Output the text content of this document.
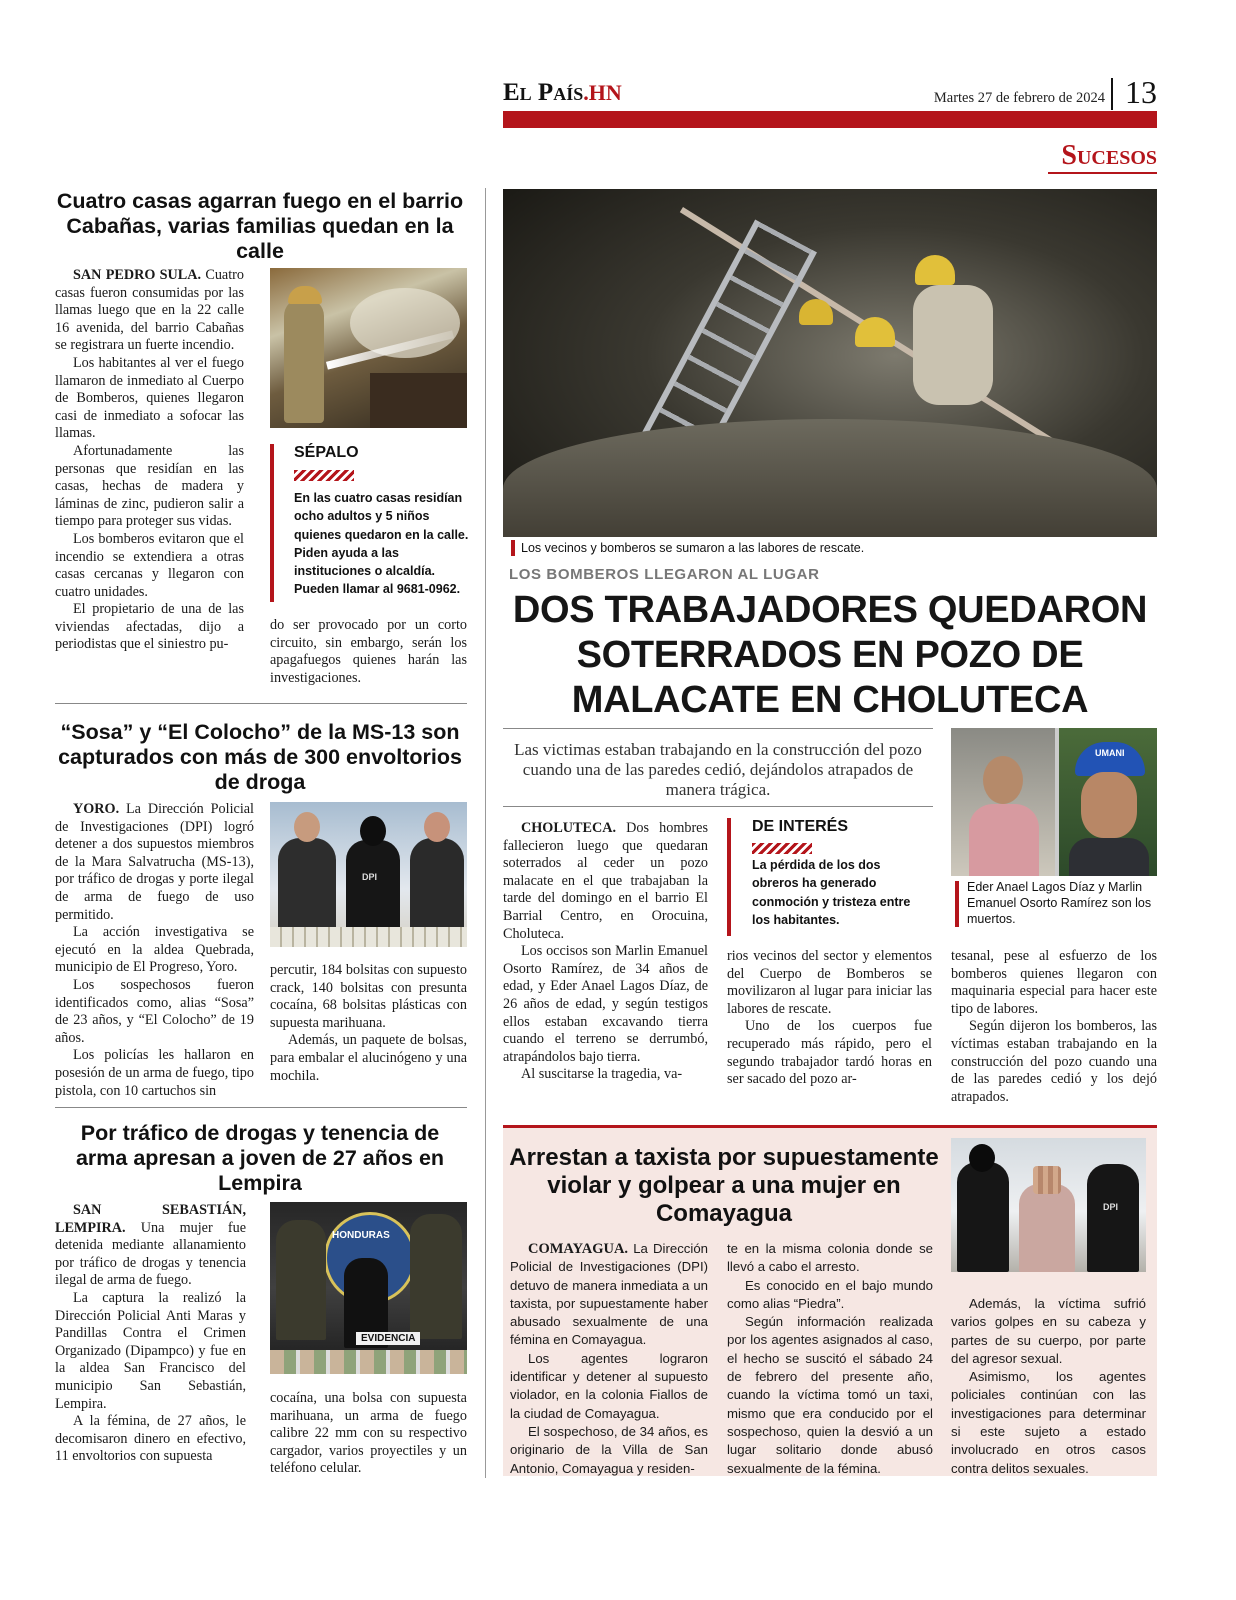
El País.HN	Martes 27 de febrero de 2024 13
Sucesos
Cuatro casas agarran fuego en el barrio Cabañas, varias familias quedan en la calle
SAN PEDRO SULA. Cuatro casas fueron consumidas por las llamas luego que en la 22 calle 16 avenida, del barrio Cabañas se registrara un fuerte incendio.
Los habitantes al ver el fuego llamaron de inmediato al Cuerpo de Bomberos, quienes llegaron casi de inmediato a sofocar las llamas.
Afortunadamente las personas que residían en las casas, hechas de madera y láminas de zinc, pudieron salir a tiempo para proteger sus vidas.
Los bomberos evitaron que el incendio se extendiera a otras casas cercanas y llegaron con cuatro unidades.
El propietario de una de las viviendas afectadas, dijo a periodistas que el siniestro pu-
SÉPALO
En las cuatro casas residían ocho adultos y 5 niños quienes quedaron en la calle. Piden ayuda a las instituciones o alcaldía. Pueden llamar al 9681-0962.
do ser provocado por un corto circuito, sin embargo, serán los apagafuegos quienes harán las investigaciones.
“Sosa” y “El Colocho” de la MS-13 son capturados con más de 300 envoltorios de droga
YORO. La Dirección Policial de Investigaciones (DPI) logró detener a dos supuestos miembros de la Mara Salvatrucha (MS-13), por tráfico de drogas y porte ilegal de arma de fuego de uso permitido.
La acción investigativa se ejecutó en la aldea Quebrada, municipio de El Progreso, Yoro.
Los sospechosos fueron identificados como, alias “Sosa” de 23 años, y “El Colocho” de 19 años.
Los policías les hallaron en posesión de un arma de fuego, tipo pistola, con 10 cartuchos sin
DPI
percutir, 184 bolsitas con supuesto crack, 140 bolsitas con presunta cocaína, 68 bolsitas plásticas con supuesta marihuana.
Además, un paquete de bolsas, para embalar el alucinógeno y una mochila.
Por tráfico de drogas y tenencia de arma apresan a joven de 27 años en Lempira
SAN SEBASTIÁN, LEMPIRA. Una mujer fue detenida mediante allanamiento por tráfico de drogas y tenencia ilegal de arma de fuego.
La captura la realizó la Dirección Policial Anti Maras y Pandillas Contra el Crimen Organizado (Dipampco) y fue en la aldea San Francisco del municipio San Sebastián, Lempira.
A la fémina, de 27 años, le decomisaron dinero en efectivo, 11 envoltorios con supuesta
HONDURAS
EVIDENCIA
cocaína, una bolsa con supuesta marihuana, un arma de fuego calibre 22 mm con su respectivo cargador, varios proyectiles y un teléfono celular.
Los vecinos y bomberos se sumaron a las labores de rescate.
LOS BOMBEROS LLEGARON AL LUGAR
DOS TRABAJADORES QUEDARON SOTERRADOS EN POZO DE MALACATE EN CHOLUTECA
Las victimas estaban trabajando en la construcción del pozo cuando una de las paredes cedió, dejándolos atrapados de manera trágica.
UMANI
Eder Anael Lagos Díaz y Marlin Emanuel Osorto Ramírez son los muertos.
CHOLUTECA. Dos hombres fallecieron luego que quedaran soterrados al ceder un pozo malacate en el que trabajaban la tarde del domingo en el barrio El Barrial Centro, en Orocuina, Choluteca.
Los occisos son Marlin Emanuel Osorto Ramírez, de 34 años de edad, y Eder Anael Lagos Díaz, de 26 años de edad, y según testigos ellos estaban excavando tierra cuando el terreno se derrumbó, atrapándolos bajo tierra.
Al suscitarse la tragedia, va-
DE INTERÉS
La pérdida de los dos obreros ha generado conmoción y tristeza entre los habitantes.
rios vecinos del sector y elementos del Cuerpo de Bomberos se movilizaron al lugar para iniciar las labores de rescate.
Uno de los cuerpos fue recuperado más rápido, pero el segundo trabajador tardó horas en ser sacado del pozo ar-
tesanal, pese al esfuerzo de los bomberos quienes llegaron con maquinaria especial para hacer este tipo de labores.
Según dijeron los bomberos, las víctimas estaban trabajando en la construcción del pozo cuando una de las paredes cedió y los dejó atrapados.
Arrestan a taxista por supuestamente violar y golpear a una mujer en Comayagua	DPI
COMAYAGUA. La Dirección Policial de Investigaciones (DPI) detuvo de manera inmediata a un taxista, por supuestamente haber abusado sexualmente de una fémina en Comayagua.
Los agentes lograron identificar y detener al supuesto violador, en la colonia Fiallos de la ciudad de Comayagua.
El sospechoso, de 34 años, es originario de la Villa de San Antonio, Comayagua y residen-
te en la misma colonia donde se llevó a cabo el arresto.
Es conocido en el bajo mundo como alias “Piedra”.
Según información realizada por los agentes asignados al caso, el hecho se suscitó el sábado 24 de febrero del presente año, cuando la víctima tomó un taxi, mismo que era conducido por el sospechoso, quien la desvió a un lugar solitario donde abusó sexualmente de la fémina.
Además, la víctima sufrió varios golpes en su cabeza y partes de su cuerpo, por parte del agresor sexual.
Asimismo, los agentes policiales continúan con las investigaciones para determinar si este sujeto a estado involucrado en otros casos contra delitos sexuales.
